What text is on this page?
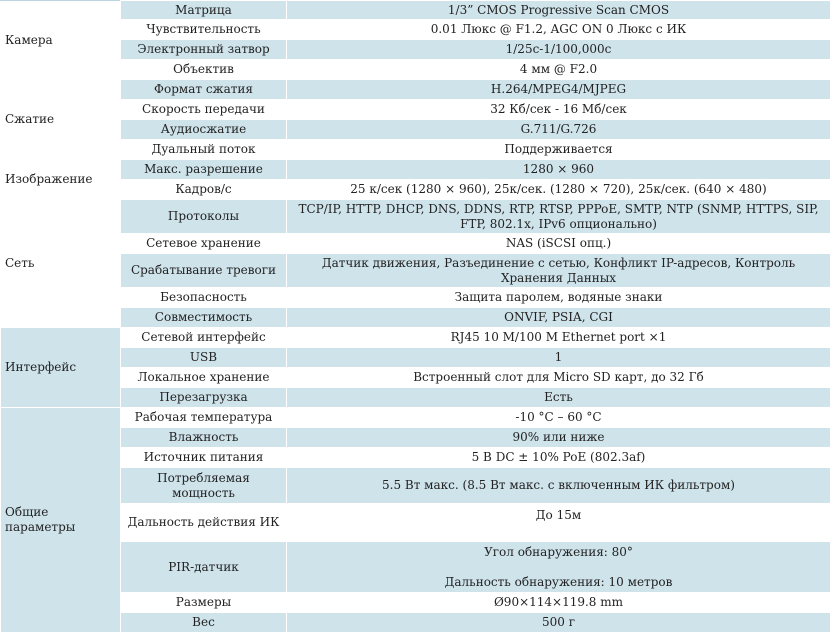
Камера	Матрица	1/3” CMOS Progressive Scan CMOS
	Чувствительность	0.01 Люкс @ F1.2, AGC ON 0 Люкс с ИК
	Электронный затвор	1/25с-1/100,000с
	Объектив	4 мм @ F2.0
Сжатие	Формат сжатия	H.264/MPEG4/MJPEG
	Скорость передачи	32 Кб/сек - 16 Мб/сек
	Аудиосжатие	G.711/G.726
	Дуальный поток	Поддерживается
Изображение	Макс. разрешение	1280 × 960
	Кадров/с	25 к/сек (1280 × 960), 25к/сек. (1280 × 720), 25к/сек. (640 × 480)
Сеть	Протоколы	TCP/IP, HTTP, DHCP, DNS, DDNS, RTP, RTSP, PPPoE, SMTP, NTP (SNMP, HTTPS, SIP, FTP, 802.1x, IPv6 опционально)
	Сетевое хранение	NAS (iSCSI опц.)
	Срабатывание тревоги	Датчик движения, Разъединение с сетью, Конфликт IP-адресов, Контроль Хранения Данных
	Безопасность	Защита паролем, водяные знаки
	Совместимость	ONVIF, PSIA, CGI
Интерфейс	Сетевой интерфейс	RJ45 10 M/100 M Ethernet port ×1
	USB	1
	Локальное хранение	Встроенный слот для Micro SD карт, до 32 Гб
	Перезагрузка	Есть
Общие параметры	Рабочая температура	-10 °C – 60 °C
	Влажность	90% или ниже
	Источник питания	5 В DC ± 10% PoE (802.3af)
	Потребляемая мощность	5.5 Вт макс. (8.5 Вт макс. с включенным ИК фильтром)
	Дальность действия ИК	До 15м
	PIR-датчик	Угол обнаружения: 80°
Дальность обнаружения: 10 метров

	Размеры	Ø90×114×119.8 mm
	Вес	500 г
